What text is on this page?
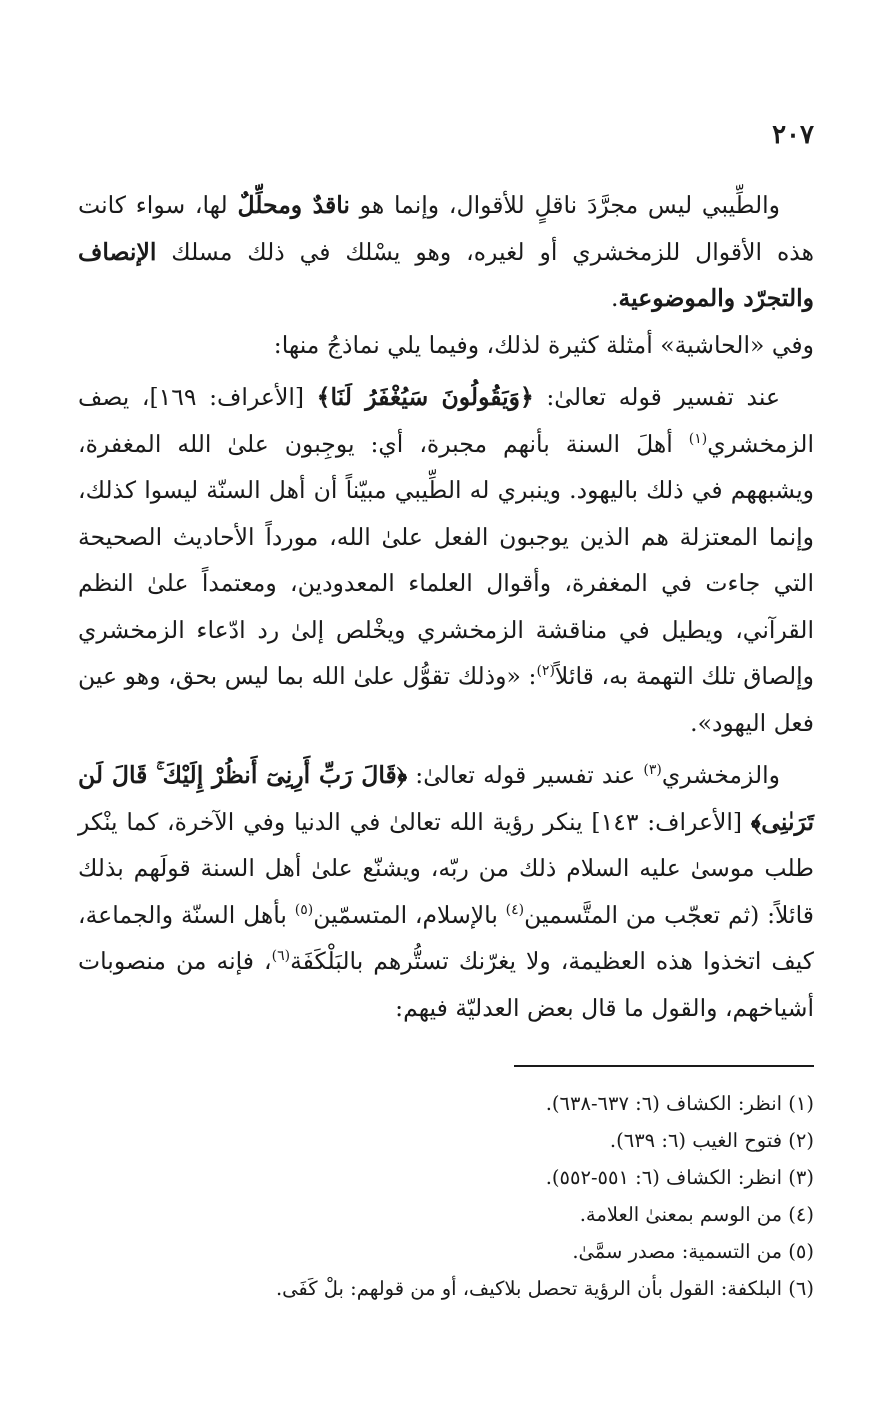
٢٠٧

والطِّيبي ليس مجرَّدَ ناقلٍ للأقوال، وإنما هو ناقدٌ ومحلِّلٌ لها، سواء كانت هذه الأقوال للزمخشري أو لغيره، وهو يسْلك في ذلك مسلك الإنصاف والتجرّد والموضوعية.

وفي «الحاشية» أمثلة كثيرة لذلك، وفيما يلي نماذجُ منها:

عند تفسير قوله تعالىٰ: ﴿وَيَقُولُونَ سَيُغْفَرُ لَنَا﴾ [الأعراف: ١٦٩]، يصف الزمخشري$^{(١)}$ أهلَ السنة بأنهم مجبرة، أي: يوجِبون علىٰ الله المغفرة، ويشبههم في ذلك باليهود. وينبري له الطِّيبي مبيّناً أن أهل السنّة ليسوا كذلك، وإنما المعتزلة هم الذين يوجبون الفعل علىٰ الله، مورداً الأحاديث الصحيحة التي جاءت في المغفرة، وأقوال العلماء المعدودين، ومعتمداً علىٰ النظم القرآني، ويطيل في مناقشة الزمخشري ويخْلص إلىٰ رد ادّعاء الزمخشري وإلصاق تلك التهمة به، قائلاً$^{(٢)}$: «وذلك تقوُّل علىٰ الله بما ليس بحق، وهو عين فعل اليهود».

والزمخشري$^{(٣)}$ عند تفسير قوله تعالىٰ: ﴿قَالَ رَبِّ أَرِنِىٓ أَنظُرْ إِلَيْكَ ۚ قَالَ لَن تَرَىٰنِى﴾ [الأعراف: ١٤٣] ينكر رؤية الله تعالىٰ في الدنيا وفي الآخرة، كما ينْكر طلب موسىٰ عليه السلام ذلك من ربّه، ويشنّع علىٰ أهل السنة قولَهم بذلك قائلاً: (ثم تعجّب من المتَّسمين$^{(٤)}$ بالإسلام، المتسمّين$^{(٥)}$ بأهل السنّة والجماعة، كيف اتخذوا هذه العظيمة، ولا يغرّنك تستُّرهم بالبَلْكَفَة$^{(٦)}$، فإنه من منصوبات أشياخهم، والقول ما قال بعض العدليّة فيهم:

(١) انظر: الكشاف (٦: ٦٣٧-٦٣٨).

(٢) فتوح الغيب (٦: ٦٣٩).

(٣) انظر: الكشاف (٦: ٥٥١-٥٥٢).

(٤) من الوسم بمعنىٰ العلامة.

(٥) من التسمية: مصدر سمَّىٰ.

(٦) البلكفة: القول بأن الرؤية تحصل بلاكيف، أو من قولهم: بلْ كَفَى.
